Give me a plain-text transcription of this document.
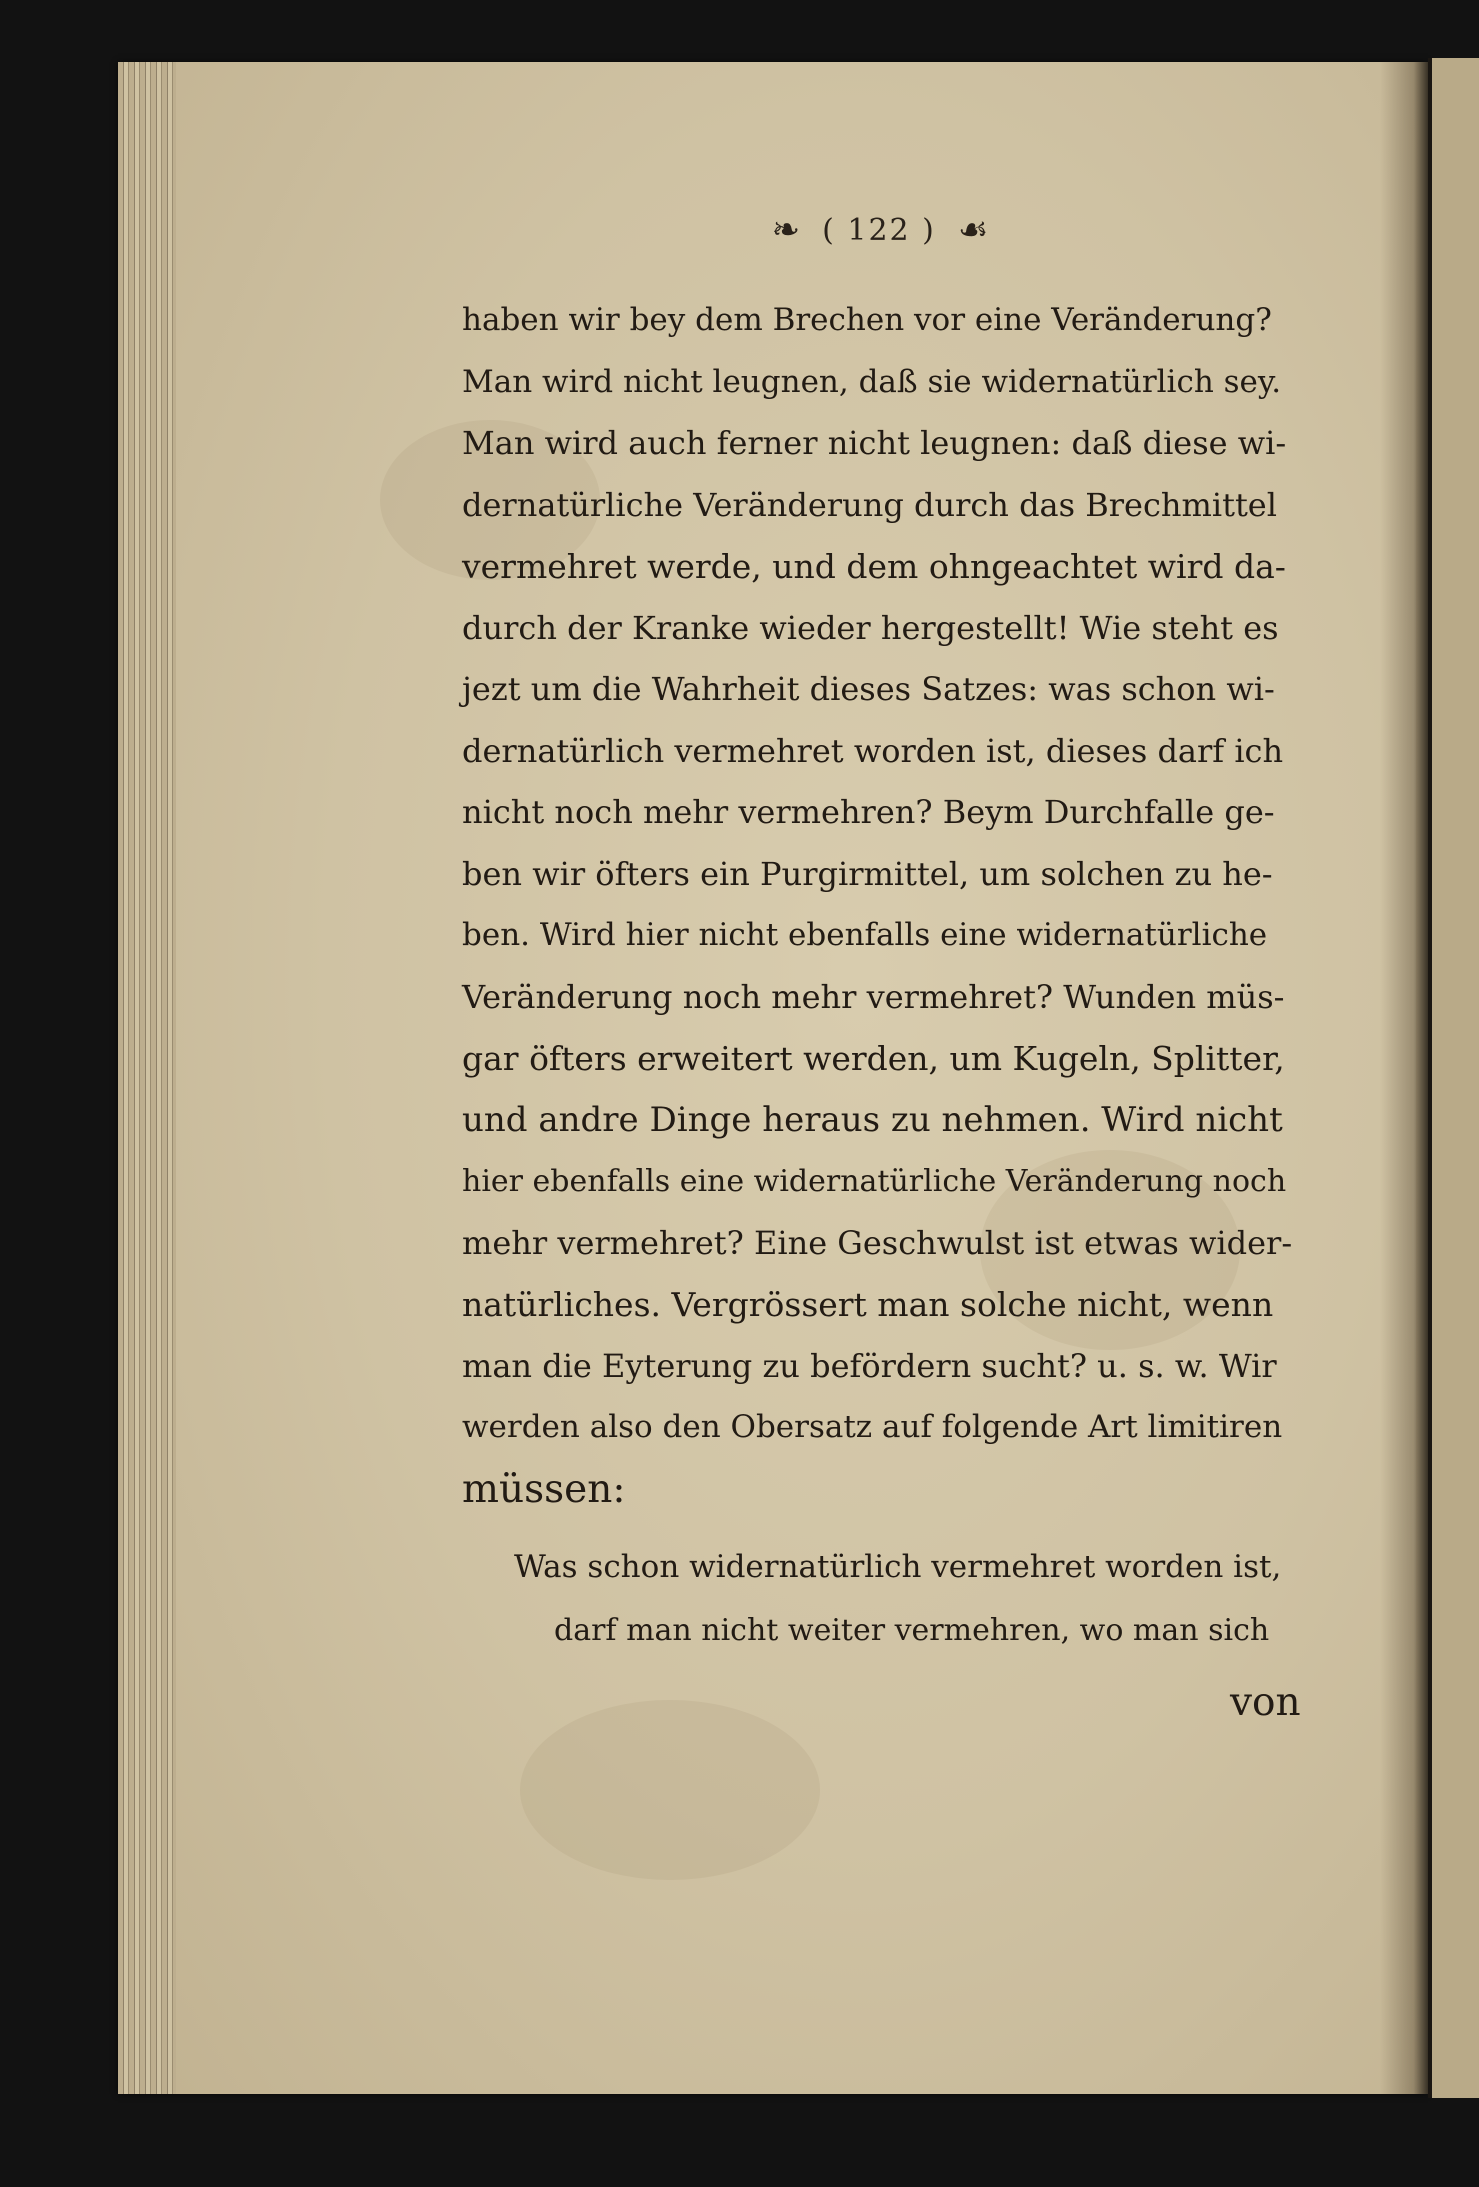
❧ ( 122 ) ☙
haben wir bey dem Brechen vor eine Veränderung?
Man wird nicht leugnen, daß sie widernatürlich sey.
Man wird auch ferner nicht leugnen: daß diese wi-
dernatürliche Veränderung durch das Brechmittel
vermehret werde, und dem ohngeachtet wird da-
durch der Kranke wieder hergestellt! Wie steht es
jezt um die Wahrheit dieses Satzes: was schon wi-
dernatürlich vermehret worden ist, dieses darf ich
nicht noch mehr vermehren? Beym Durchfalle ge-
ben wir öfters ein Purgirmittel, um solchen zu he-
ben. Wird hier nicht ebenfalls eine widernatürliche
Veränderung noch mehr vermehret? Wunden müs-
gar öfters erweitert werden, um Kugeln, Splitter,
und andre Dinge heraus zu nehmen. Wird nicht
hier ebenfalls eine widernatürliche Veränderung noch
mehr vermehret? Eine Geschwulst ist etwas wider-
natürliches. Vergrössert man solche nicht, wenn
man die Eyterung zu befördern sucht? u. s. w. Wir
werden also den Obersatz auf folgende Art limitiren
müssen:
Was schon widernatürlich vermehret worden ist,
darf man nicht weiter vermehren, wo man sich
von
